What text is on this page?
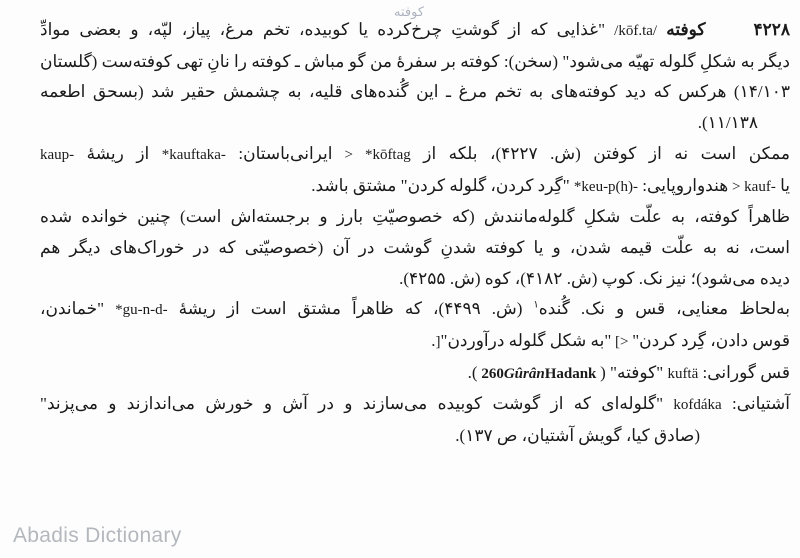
کوفته
۴۲۲۸کوفته /kōf.ta/ "غذایی که از گوشتِ چرخ‌کرده یا کوبیده، تخم مرغ، پیاز، لپّه، و بعضی موادِّ
دیگر به شکلِ گلوله تهیّه می‌شود" (سخن): کوفته بر سفرهٔ من گو مباش ـ کوفته را نانِ تهی کوفته‌ست (گلستان
۱۴/۱۰۳) هرکس که دید کوفته‌های به تخم مرغ ـ این گُنده‌های قلیه، به چشمش حقیر شد (بسحق اطعمه
۱۱/۱۳۸).
ممکن است نه از کوفتن (ش. ۴۲۲۷)، بلکه از *kōftag > ایرانی‌باستان: *kauftaka- از ریشهٔ kaup-
یا kauf- > هندواروپایی: *keu-p(h)- "گِرد کردن، گلوله کردن" مشتق باشد.
ظاهراً کوفته، به علّت شکلِ گلوله‌مانندش (که خصوصیّتِ بارز و برجسته‌اش است) چنین خوانده شده
است، نه به علّت قیمه شدن، و یا کوفته شدنِ گوشت در آن (خصوصیّتی که در خوراک‌های دیگر هم
دیده می‌شود)؛ نیز نک. کوپ (ش. ۴۱۸۲)، کوه (ش. ۴۲۵۵).
به‌لحاظ معنایی، قس و نک. گُنده$^۱$ (ش. ۴۴۹۹)، که ظاهراً مشتق است از ریشهٔ *gu-n-d- "خماندن،
قوس دادن، گِرد کردن" [> "به شکل گلوله درآوردن"].
قس گورانی: kuftä "کوفته" (Hadank Gûrân 260).
آشتیانی: kofdáka "گلوله‌ای که از گوشت کوبیده می‌سازند و در آش و خورش می‌اندازند و می‌پزند"
(صادق کیا، گویش آشتیان، ص ۱۳۷).
Abadis Dictionary
